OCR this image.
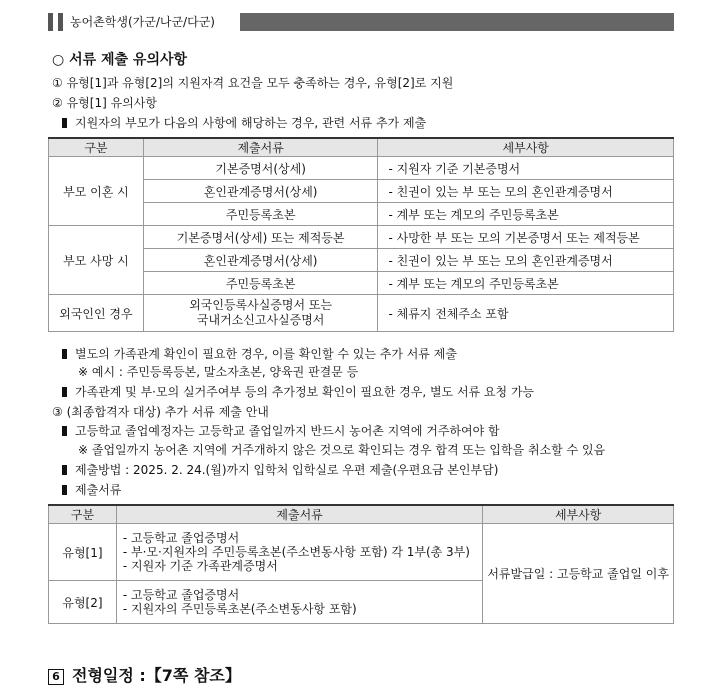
농어촌학생(가군/나군/다군)
○ 서류 제출 유의사항
① 유형[1]과 유형[2]의 지원자격 요건을 모두 충족하는 경우, 유형[2]로 지원
② 유형[1] 유의사항
지원자의 부모가 다음의 사항에 해당하는 경우, 관련 서류 추가 제출
구분	제출서류	세부사항
부모 이혼 시	기본증명서(상세)	- 지원자 기준 기본증명서
	혼인관계증명서(상세)	- 친권이 있는 부 또는 모의 혼인관계증명서
	주민등록초본	- 계부 또는 계모의 주민등록초본
부모 사망 시	기본증명서(상세) 또는 제적등본	- 사망한 부 또는 모의 기본증명서 또는 제적등본
	혼인관계증명서(상세)	- 친권이 있는 부 또는 모의 혼인관계증명서
	주민등록초본	- 계부 또는 계모의 주민등록초본
외국인인 경우	외국인등록사실증명서 또는
국내거소신고사실증명서	- 체류지 전체주소 포함
별도의 가족관계 확인이 필요한 경우, 이를 확인할 수 있는 추가 서류 제출
※ 예시 : 주민등록등본, 말소자초본, 양육권 판결문 등
가족관계 및 부·모의 실거주여부 등의 추가정보 확인이 필요한 경우, 별도 서류 요청 가능
③ (최종합격자 대상) 추가 서류 제출 안내
고등학교 졸업예정자는 고등학교 졸업일까지 반드시 농어촌 지역에 거주하여야 함
※ 졸업일까지 농어촌 지역에 거주개하지 않은 것으로 확인되는 경우 합격 또는 입학을 취소할 수 있음
제출방법 : 2025. 2. 24.(월)까지 입학처 입학실로 우편 제출(우편요금 본인부담)
제출서류
구분	제출서류	세부사항
유형[1]	- 고등학교 졸업증명서
- 부·모·지원자의 주민등록초본(주소변동사항 포함) 각 1부(총 3부)
- 지원자 기준 가족관계증명서	서류발급일 : 고등학교 졸업일 이후
유형[2]	- 고등학교 졸업증명서
- 지원자의 주민등록초본(주소변동사항 포함)	
6 전형일정 :【7쪽 참조】
